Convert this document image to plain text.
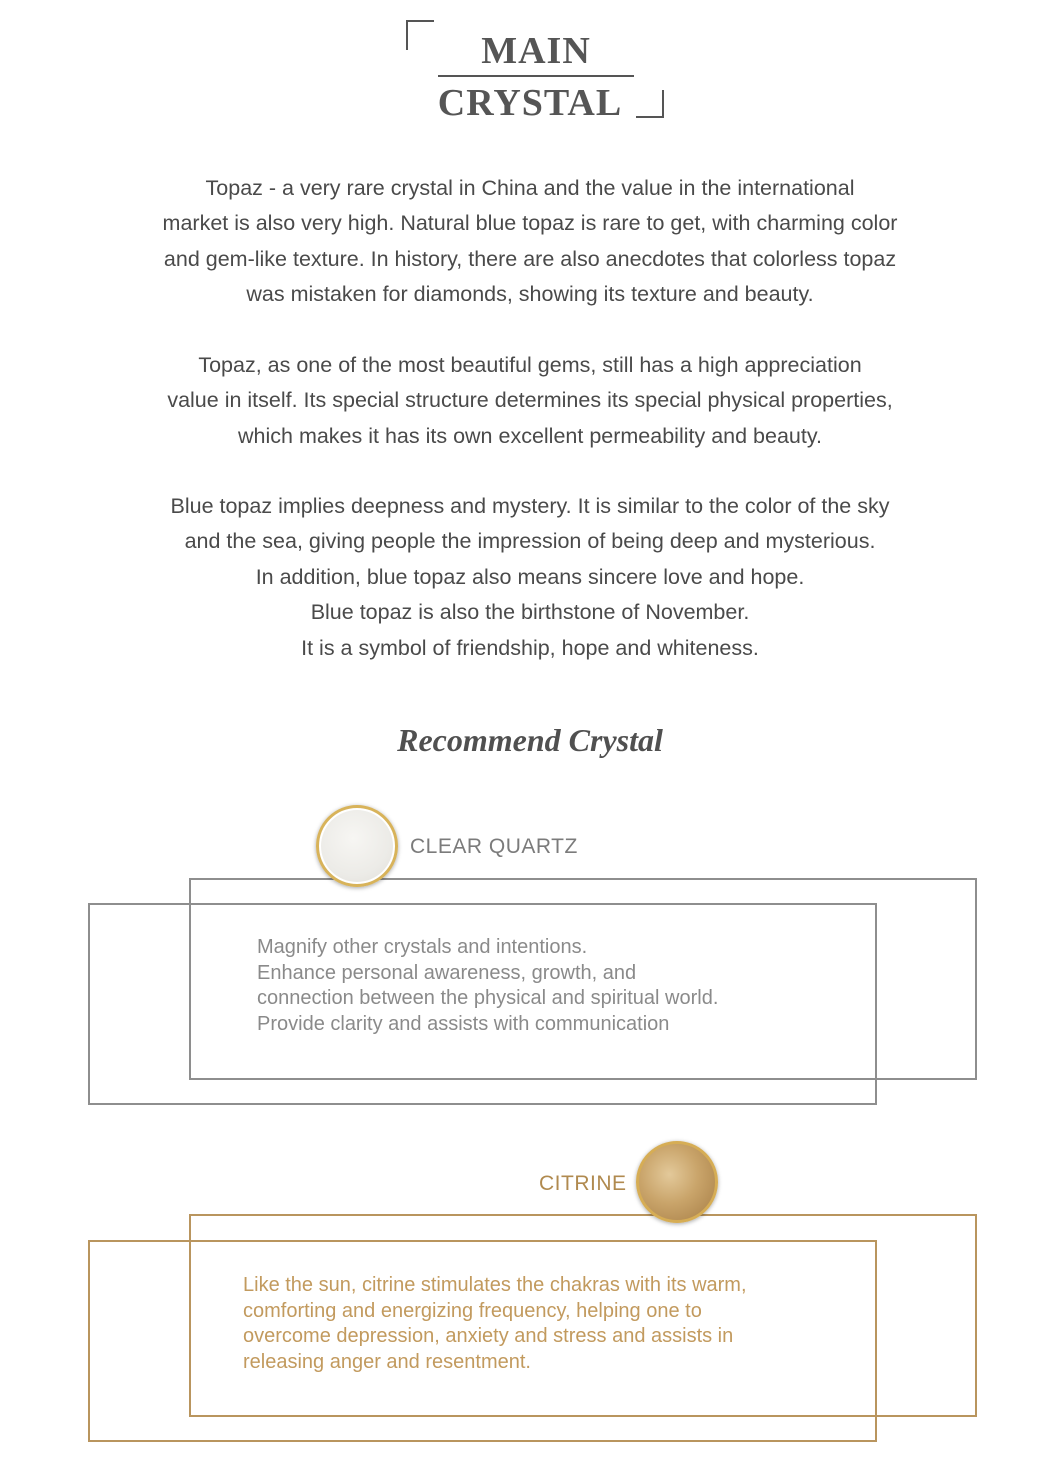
MAIN
CRYSTAL
Topaz - a very rare crystal in China and the value in the international
market is also very high. Natural blue topaz is rare to get, with charming color
and gem-like texture. In history, there are also anecdotes that colorless topaz
was mistaken for diamonds, showing its texture and beauty.
Topaz, as one of the most beautiful gems, still has a high appreciation
value in itself. Its special structure determines its special physical properties,
which makes it has its own excellent permeability and beauty.
Blue topaz implies deepness and mystery. It is similar to the color of the sky
and the sea, giving people the impression of being deep and mysterious.
In addition, blue topaz also means sincere love and hope.
Blue topaz is also the birthstone of November.
It is a symbol of friendship, hope and whiteness.
Recommend Crystal
CLEAR QUARTZ
Magnify other crystals and intentions.
Enhance personal awareness, growth, and
connection between the physical and spiritual world.
Provide clarity and assists with communication
CITRINE
Like the sun, citrine stimulates the chakras with its warm,
comforting and energizing frequency, helping one to
overcome depression, anxiety and stress and assists in
releasing anger and resentment.
